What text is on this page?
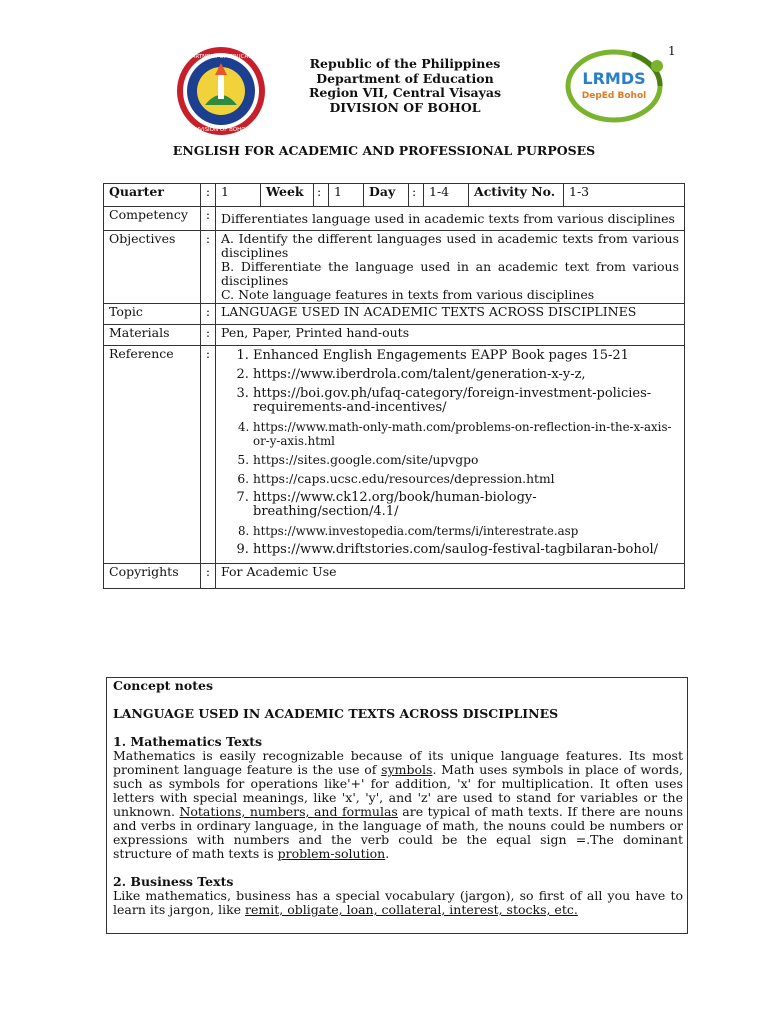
1
DEPARTMENT OF EDUCATION
DIVISION OF BOHOL
Republic of the Philippines
Department of Education
Region VII, Central Visayas
DIVISION OF BOHOL
LRMDS
DepEd Bohol
ENGLISH FOR ACADEMIC AND PROFESSIONAL PURPOSES
Quarter	:	1	Week	:	1	Day	:	1-4	Activity No.	1-3

Competency	:	Differentiates language used in academic texts from various disciplines
Objectives	:	A. Identify the different languages used in academic texts from various disciplines
B. Differentiate the language used in an academic text from various disciplines
C. Note language features in texts from various disciplines

Topic	:	LANGUAGE USED IN ACADEMIC TEXTS ACROSS DISCIPLINES
Materials	:	Pen, Paper, Printed hand-outs
Reference	:	
1.Enhanced English Engagements EAPP Book pages 15-21
2. https://www.iberdrola.com/talent/generation-x-y-z,
3. https://boi.gov.ph/ufaq-category/foreign-investment-policies-requirements-and-incentives/
4. https://www.math-only-math.com/problems-on-reflection-in-the-x-axis-or-y-axis.html
5. https://sites.google.com/site/upvgpo
6. https://caps.ucsc.edu/resources/depression.html
7. https://www.ck12.org/book/human-biology-breathing/section/4.1/
8. https://www.investopedia.com/terms/i/interestrate.asp
9. https://www.driftstories.com/saulog-festival-tagbilaran-bohol/

Copyrights	:	For Academic Use

Concept notes

LANGUAGE USED IN ACADEMIC TEXTS ACROSS DISCIPLINES

1. Mathematics Texts

Mathematics is easily recognizable because of its unique language features. Its most prominent language feature is the use of symbols. Math uses symbols in place of words, such as symbols for operations like'+' for addition, 'x' for multiplication. It often uses letters with special meanings, like 'x', 'y', and 'z' are used to stand for variables or the unknown. Notations, numbers, and formulas are typical of math texts. If there are nouns and verbs in ordinary language, in the language of math, the nouns could be numbers or expressions with numbers and the verb could be the equal sign =.The dominant structure of math texts is problem-solution.

2. Business Texts

Like mathematics, business has a special vocabulary (jargon), so first of all you have to learn its jargon, like remit, obligate, loan, collateral, interest, stocks, etc.
